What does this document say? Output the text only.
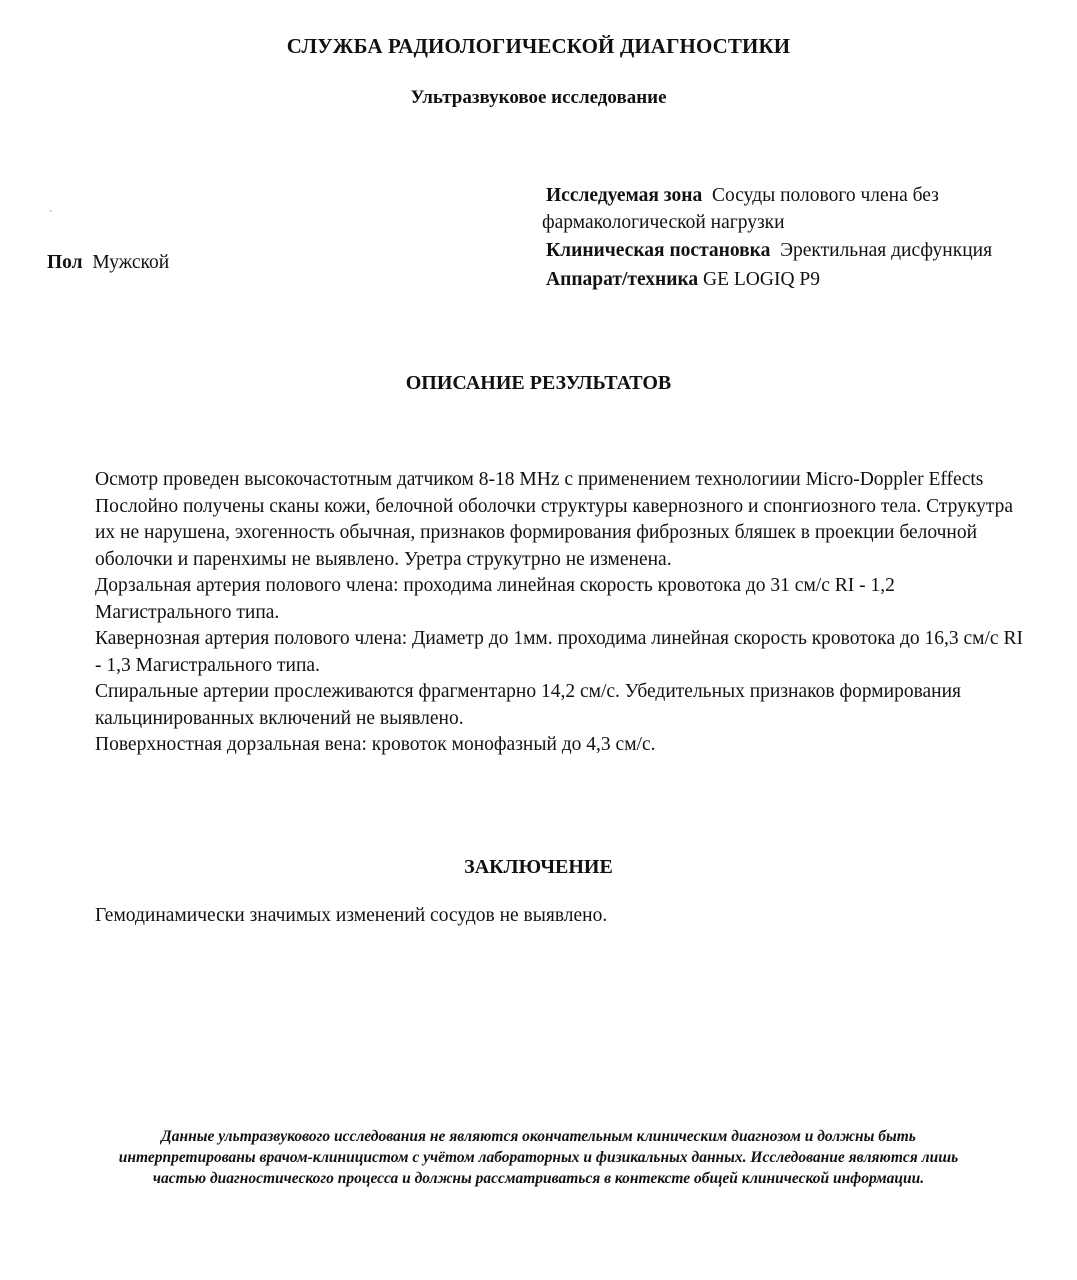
СЛУЖБА РАДИОЛОГИЧЕСКОЙ ДИАГНОСТИКИ
Ультразвуковое исследование
Пол Мужской
Исследуемая зона Сосуды полового члена без фармакологической нагрузки
Клиническая постановка Эректильная дисфункция
Аппарат/техника GE LOGIQ P9
ОПИСАНИЕ РЕЗУЛЬТАТОВ

Осмотр проведен высокочастотным датчиком 8-18 MHz с применением технологиии Micro-Doppler Effects

Послойно получены сканы кожи, белочной оболочки структуры кавернозного и спонгиозного тела. Струкутра их не нарушена, эхогенность обычная, признаков формирования фиброзных бляшек в проекции белочной оболочки и паренхимы не выявлено. Уретра струкутрно не изменена.

Дорзальная артерия полового члена: проходима линейная скорость кровотока до 31 см/с RI - 1,2 Магистрального типа.

Кавернозная артерия полового члена: Диаметр до 1мм. проходима линейная скорость кровотока до 16,3 см/с RI - 1,3 Магистрального типа.

Спиральные артерии прослеживаются фрагментарно 14,2 см/с. Убедительных признаков формирования кальцинированных включений не выявлено.

Поверхностная дорзальная вена: кровоток монофазный до 4,3 см/с.

ЗАКЛЮЧЕНИЕ
Гемодинамически значимых изменений сосудов не выявлено.

Данные ультразвукового исследования не являются окончательным клиническим диагнозом и должны быть

интерпретированы врачом-клиницистом с учётом лабораторных и физикальных данных. Исследование являются лишь

частью диагностического процесса и должны рассматриваться в контексте общей клинической информации.
